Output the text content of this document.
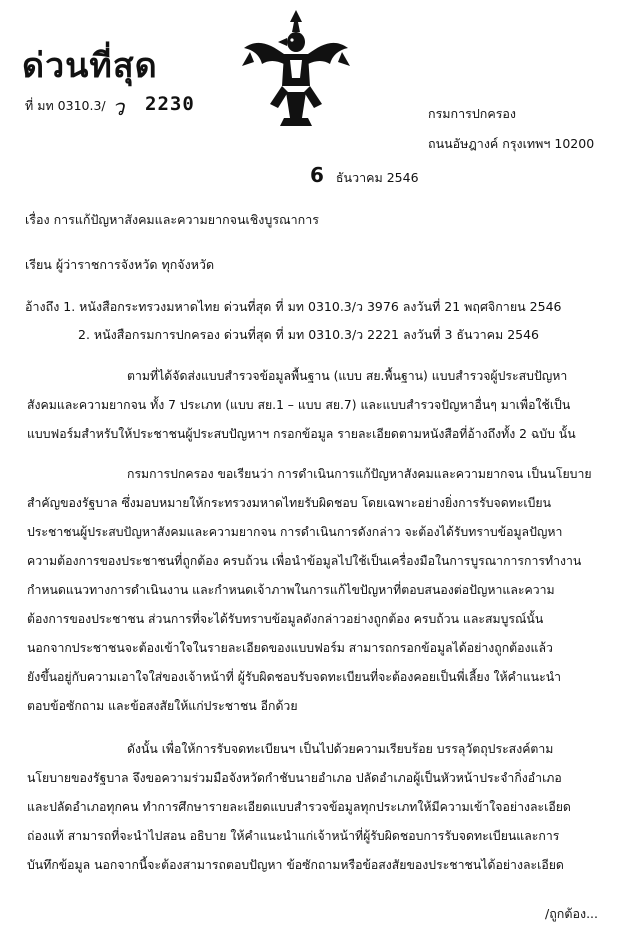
ด่วนที่สุด
ที่ มท 0310.3/ ว 2230	กรมการปกครอง
ถนนอัษฎางค์ กรุงเทพฯ 10200
6 ธันวาคม 2546
เรื่อง การแก้ปัญหาสังคมและความยากจนเชิงบูรณาการ
เรียน ผู้ว่าราชการจังหวัด ทุกจังหวัด
อ้างถึง 1. หนังสือกระทรวงมหาดไทย ด่วนที่สุด ที่ มท 0310.3/ว 3976 ลงวันที่ 21 พฤศจิกายน 2546
2. หนังสือกรมการปกครอง ด่วนที่สุด ที่ มท 0310.3/ว 2221 ลงวันที่ 3 ธันวาคม 2546
ตามที่ได้จัดส่งแบบสำรวจข้อมูลพื้นฐาน (แบบ สย.พื้นฐาน) แบบสำรวจผู้ประสบปัญหา
สังคมและความยากจน ทั้ง 7 ประเภท (แบบ สย.1 – แบบ สย.7) และแบบสำรวจปัญหาอื่นๆ มาเพื่อใช้เป็น
แบบฟอร์มสำหรับให้ประชาชนผู้ประสบปัญหาฯ กรอกข้อมูล รายละเอียดตามหนังสือที่อ้างถึงทั้ง 2 ฉบับ นั้น
กรมการปกครอง ขอเรียนว่า การดำเนินการแก้ปัญหาสังคมและความยากจน เป็นนโยบาย
สำคัญของรัฐบาล ซึ่งมอบหมายให้กระทรวงมหาดไทยรับผิดชอบ โดยเฉพาะอย่างยิ่งการรับจดทะเบียน
ประชาชนผู้ประสบปัญหาสังคมและความยากจน การดำเนินการดังกล่าว จะต้องได้รับทราบข้อมูลปัญหา
ความต้องการของประชาชนที่ถูกต้อง ครบถ้วน เพื่อนำข้อมูลไปใช้เป็นเครื่องมือในการบูรณาการการทำงาน
กำหนดแนวทางการดำเนินงาน และกำหนดเจ้าภาพในการแก้ไขปัญหาที่ตอบสนองต่อปัญหาและความ
ต้องการของประชาชน ส่วนการที่จะได้รับทราบข้อมูลดังกล่าวอย่างถูกต้อง ครบถ้วน และสมบูรณ์นั้น
นอกจากประชาชนจะต้องเข้าใจในรายละเอียดของแบบฟอร์ม สามารถกรอกข้อมูลได้อย่างถูกต้องแล้ว
ยังขึ้นอยู่กับความเอาใจใส่ของเจ้าหน้าที่ ผู้รับผิดชอบรับจดทะเบียนที่จะต้องคอยเป็นพี่เลี้ยง ให้คำแนะนำ
ตอบข้อซักถาม และข้อสงสัยให้แก่ประชาชน อีกด้วย
ดังนั้น เพื่อให้การรับจดทะเบียนฯ เป็นไปด้วยความเรียบร้อย บรรลุวัตถุประสงค์ตาม
นโยบายของรัฐบาล จึงขอความร่วมมือจังหวัดกำชับนายอำเภอ ปลัดอำเภอผู้เป็นหัวหน้าประจำกิ่งอำเภอ
และปลัดอำเภอทุกคน ทำการศึกษารายละเอียดแบบสำรวจข้อมูลทุกประเภทให้มีความเข้าใจอย่างละเอียด
ถ่องแท้ สามารถที่จะนำไปสอน อธิบาย ให้คำแนะนำแก่เจ้าหน้าที่ผู้รับผิดชอบการรับจดทะเบียนและการ
บันทึกข้อมูล นอกจากนี้จะต้องสามารถตอบปัญหา ข้อซักถามหรือข้อสงสัยของประชาชนได้อย่างละเอียด
/ถูกต้อง...
